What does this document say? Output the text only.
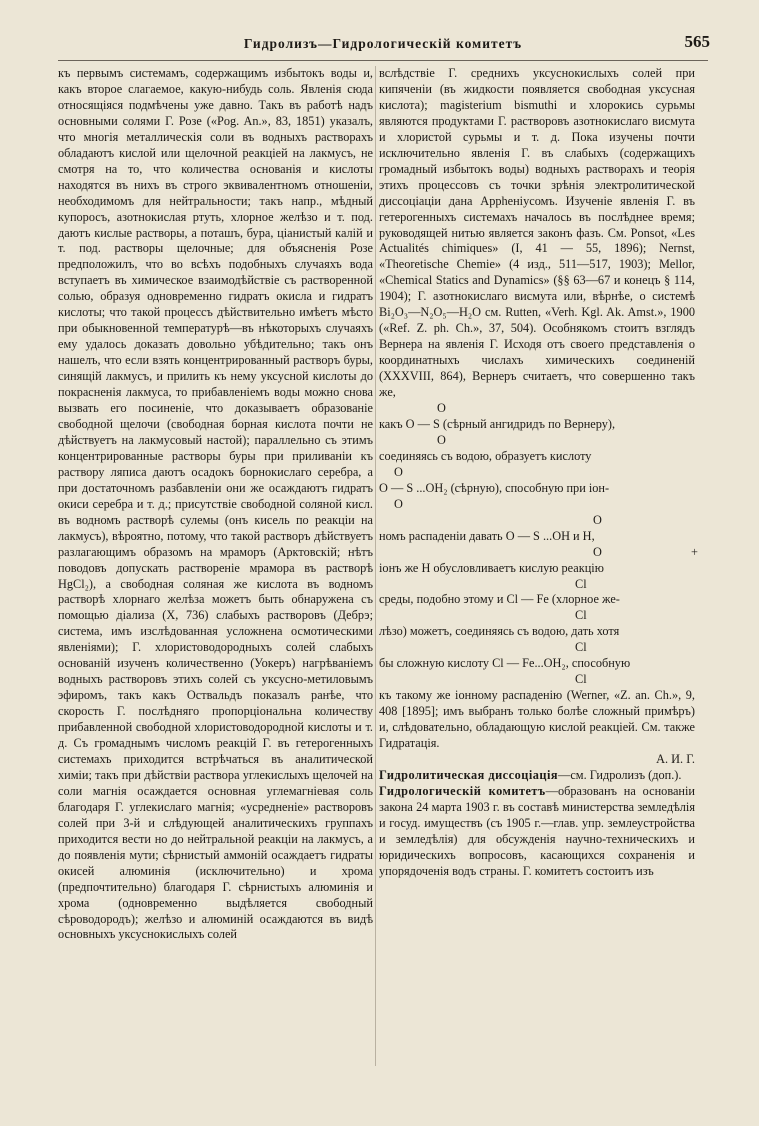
Гидролизъ—Гидрологическій комитетъ	565

къ первымъ системамъ, содержащимъ избытокъ воды и, какъ второе слагаемое, какую-нибудь соль. Явленія сюда относящіяся подмѣчены уже давно. Такъ въ работѣ надъ основными солями Г. Розе («Pog. An.», 83, 1851) указалъ, что многія металлическія соли въ водныхъ растворахъ обладаютъ кислой или щелочной реакціей на лакмусъ, не смотря на то, что количества основанія и кислоты находятся въ нихъ въ строго эквивалентномъ отношеніи, необходимомъ для нейтральности; такъ напр., мѣдный купоросъ, азотнокислая ртуть, хлорное желѣзо и т. под. даютъ кислые растворы, а поташъ, бура, ціанистый калій и т. под. растворы щелочные; для объясненія Розе предположилъ, что во всѣхъ подобныхъ случаяхъ вода вступаетъ въ химическое взаимодѣйствіе съ растворенной солью, образуя одновременно гидратъ окисла и гидратъ кислоты; что такой процессъ дѣйствительно имѣетъ мѣсто при обыкновенной температурѣ—въ нѣкоторыхъ случаяхъ ему удалось доказать довольно убѣдительно; такъ онъ нашелъ, что если взять концентрированный растворъ буры, синящій лакмусъ, и прилить къ нему уксусной кислоты до покрасненія лакмуса, то прибавленіемъ воды можно снова вызвать его посиненіе, что доказываетъ образованіе свободной щелочи (свободная борная кислота почти не дѣйствуетъ на лакмусовый настой); параллельно съ этимъ концентрированные растворы буры при приливаніи къ раствору ляписа даютъ осадокъ борнокислаго серебра, а при достаточномъ разбавленіи они же осаждаютъ гидратъ окиси серебра и т. д.; присутствіе свободной соляной кисл. въ водномъ растворѣ сулемы (онъ кисель по реакціи на лакмусъ), вѣроятно, потому, что такой растворъ дѣйствуетъ разлагающимъ образомъ на мраморъ (Арктовскій; нѣтъ поводовъ допускать раствореніе мрамора въ растворѣ HgCl₂), а свободная соляная же кислота въ водномъ растворѣ хлорнаго желѣза можетъ быть обнаружена съ помощью діализа (X, 736) слабыхъ растворовъ (Дебрэ; система, имъ изслѣдованная усложнена осмотическими явленіями); Г. хлористоводородныхъ солей слабыхъ основаній изученъ количественно (Уокеръ) нагрѣваніемъ водныхъ растворовъ этихъ солей съ уксусно-метиловымъ эфиромъ, такъ какъ Оствальдъ показалъ ранѣе, что скорость Г. послѣдняго пропорціональна количеству прибавленной свободной хлористоводородной кислоты и т. д. Съ громаднымъ числомъ реакцій Г. въ гетерогенныхъ системахъ приходится встрѣчаться въ аналитической химіи; такъ при дѣйствіи раствора углекислыхъ щелочей на соли магнія осаждается основная углемагніевая соль благодаря Г. углекислаго магнія; «усредненіе» растворовъ солей при 3-й и слѣдующей аналитическихъ группахъ приходится вести но до нейтральной реакціи на лакмусъ, а до появленія мути; сѣрнистый аммоній осаждаетъ гидраты окисей алюминія (исключительно) и хрома (предпочтительно) благодаря Г. сѣрнистыхъ алюминія и хрома (одновременно выдѣляется свободный сѣроводородъ); желѣзо и алюминій осаждаются въ видѣ основныхъ уксуснокислыхъ солей

вслѣдствіе Г. среднихъ уксуснокислыхъ солей при кипяченіи (въ жидкости появляется свободная уксусная кислота); magisterium bismuthi и хлорокись сурьмы являются продуктами Г. растворовъ азотнокислаго висмута и хлористой сурьмы и т. д. Пока изучены почти исключительно явленія Г. въ слабыхъ (содержащихъ громадный избытокъ воды) водныхъ растворахъ и теорія этихъ процессовъ съ точки зрѣнія электролитической диссоціаціи дана Аррheніусомъ. Изученіе явленія Г. въ гетерогенныхъ системахъ началось въ послѣднее время; руководящей нитью является законъ фазъ. См. Ponsot, «Les Actualités chimiques» (I, 41 — 55, 1896); Nernst, «Theoretische Chemie» (4 изд., 511—517, 1903); Mellor, «Chemical Statics and Dynamics» (§§ 63—67 и конецъ § 114, 1904); Г. азотнокислаго висмута или, вѣрнѣе, о системѣ Bi₂O₃—N₂O₅—H₂O см. Rutten, «Verh. Kgl. Ak. Amst.», 1900 («Ref. Z. ph. Ch.», 37, 504). Особнякомъ стоитъ взглядъ Вернера на явленія Г. Исходя отъ своего представленія о координатныхъ числахъ химическихъ соединеній (XXXVIII, 864), Вернеръ считаетъ, что совершенно такъ же,

O

какъ O — S (сѣрный ангидридъ по Вернеру),

O

соединяясь съ водою, образуетъ кислоту

O

O — S ...OH₂ (сѣрную), способную при іон-

O
O

номъ распаденіи давать O — S ...OH и H,

O	+

іонъ же H обусловливаетъ кислую реакцію

Cl

среды, подобно этому и Cl — Fe (хлорное же-

Cl

лѣзо) можетъ, соединяясь съ водою, дать хотя

Cl

бы сложную кислоту Cl — Fe...OH₂, способную

Cl

къ такому же іонному распаденію (Werner, «Z. an. Ch.», 9, 408 [1895]; имъ выбранъ только болѣе сложный примѣръ) и, слѣдовательно, обладающую кислой реакціей. См. также Гидратація.

А. И. Г.

Гидролитическая диссоціація—см. Гидролизъ (доп.).

Гидрологическій комитетъ—образованъ на основаніи закона 24 марта 1903 г. въ составѣ министерства земледѣлія и госуд. имуществъ (съ 1905 г.—глав. упр. землеустройства и земледѣлія) для обсужденія научно-техническихъ и юридическихъ вопросовъ, касающихся сохраненія и упорядоченія водъ страны. Г. комитетъ состоитъ изъ
